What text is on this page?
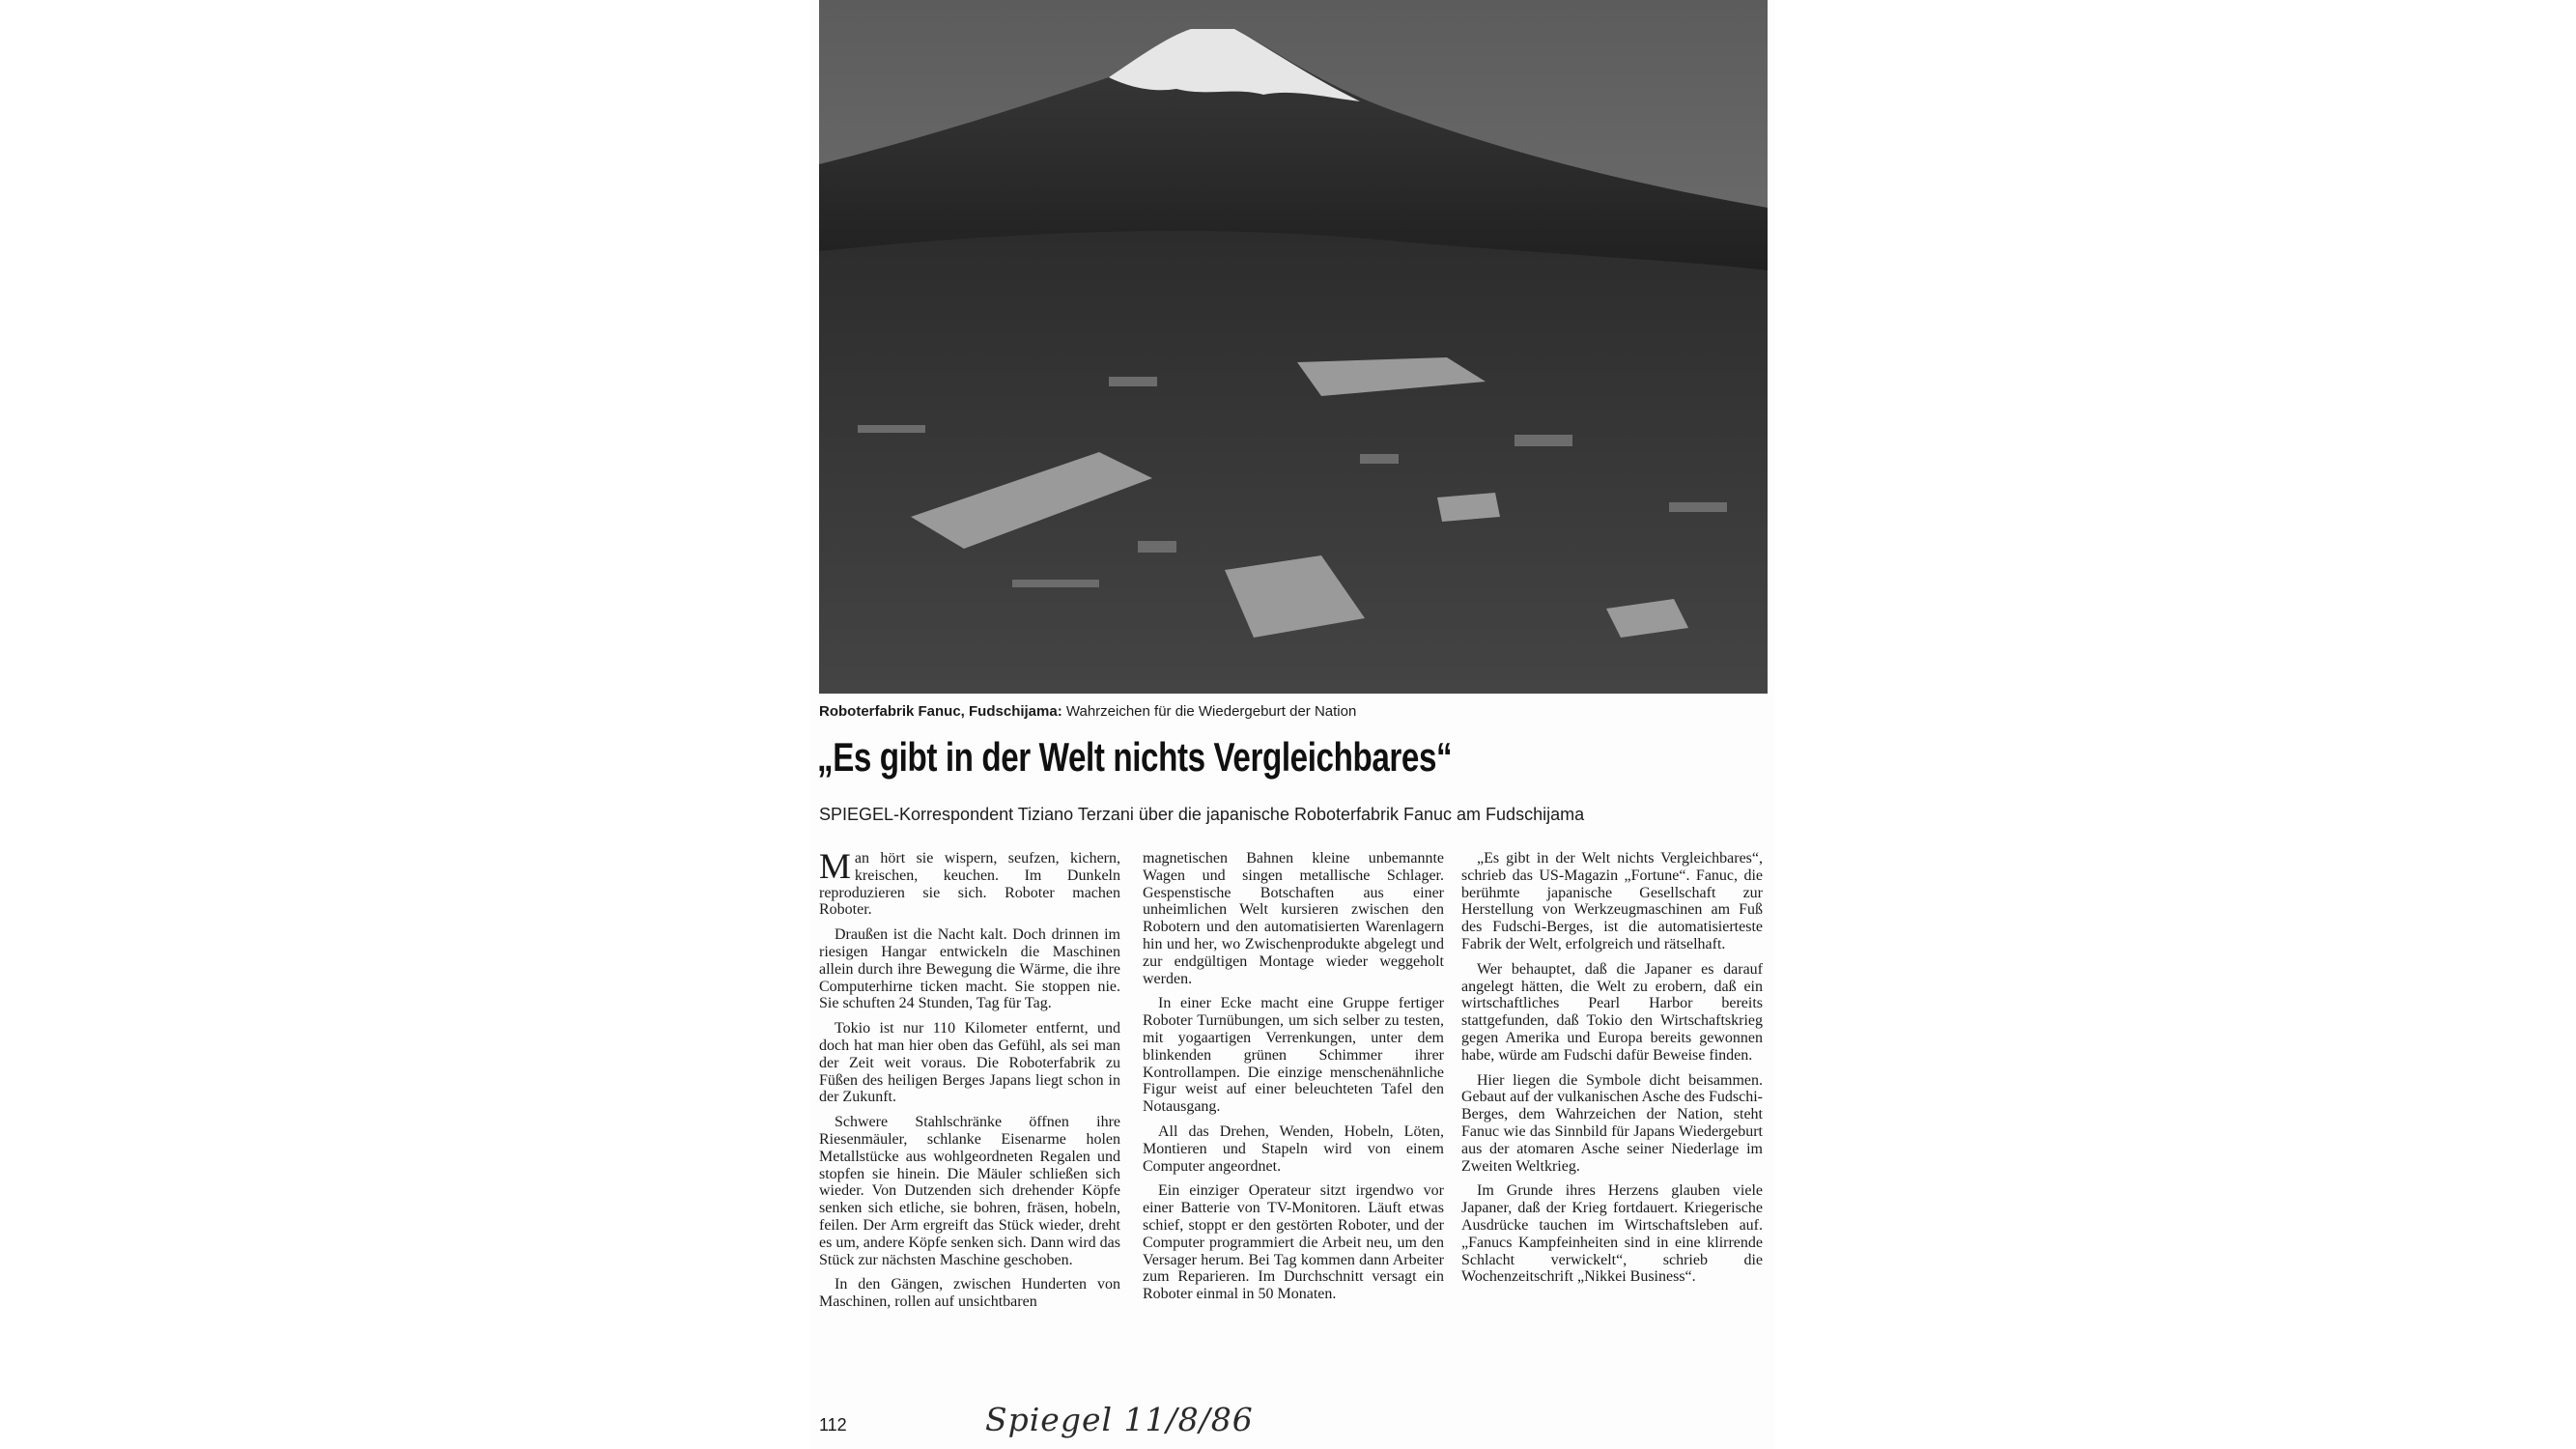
Roboterfabrik Fanuc, Fudschijama: Wahrzeichen für die Wiedergeburt der Nation
„Es gibt in der Welt nichts Vergleichbares“
SPIEGEL-Korrespondent Tiziano Terzani über die japanische Roboterfabrik Fanuc am Fudschijama

Man hört sie wispern, seufzen, kichern, kreischen, keuchen. Im Dunkeln reproduzieren sie sich. Roboter machen Roboter.

Draußen ist die Nacht kalt. Doch drinnen im riesigen Hangar entwickeln die Maschinen allein durch ihre Bewegung die Wärme, die ihre Computerhirne ticken macht. Sie stoppen nie. Sie schuften 24 Stunden, Tag für Tag.

Tokio ist nur 110 Kilometer entfernt, und doch hat man hier oben das Gefühl, als sei man der Zeit weit voraus. Die Roboterfabrik zu Füßen des heiligen Berges Japans liegt schon in der Zukunft.

Schwere Stahlschränke öffnen ihre Riesenmäuler, schlanke Eisenarme holen Metallstücke aus wohlgeordneten Regalen und stopfen sie hinein. Die Mäuler schließen sich wieder. Von Dutzenden sich drehender Köpfe senken sich etliche, sie bohren, fräsen, hobeln, feilen. Der Arm ergreift das Stück wieder, dreht es um, andere Köpfe senken sich. Dann wird das Stück zur nächsten Maschine geschoben.

In den Gängen, zwischen Hunderten von Maschinen, rollen auf unsichtbaren

magnetischen Bahnen kleine unbemannte Wagen und singen metallische Schlager. Gespenstische Botschaften aus einer unheimlichen Welt kursieren zwischen den Robotern und den automatisierten Warenlagern hin und her, wo Zwischenprodukte abgelegt und zur endgültigen Montage wieder weggeholt werden.

In einer Ecke macht eine Gruppe fertiger Roboter Turnübungen, um sich selber zu testen, mit yogaartigen Verrenkungen, unter dem blinkenden grünen Schimmer ihrer Kontrollampen. Die einzige menschenähnliche Figur weist auf einer beleuchteten Tafel den Notausgang.

All das Drehen, Wenden, Hobeln, Löten, Montieren und Stapeln wird von einem Computer angeordnet.

Ein einziger Operateur sitzt irgendwo vor einer Batterie von TV-Monitoren. Läuft etwas schief, stoppt er den gestörten Roboter, und der Computer programmiert die Arbeit neu, um den Versager herum. Bei Tag kommen dann Arbeiter zum Reparieren. Im Durchschnitt versagt ein Roboter einmal in 50 Monaten.

„Es gibt in der Welt nichts Vergleichbares“, schrieb das US-Magazin „Fortune“. Fanuc, die berühmte japanische Gesellschaft zur Herstellung von Werkzeugmaschinen am Fuß des Fudschi-Berges, ist die automatisierteste Fabrik der Welt, erfolgreich und rätselhaft.

Wer behauptet, daß die Japaner es darauf angelegt hätten, die Welt zu erobern, daß ein wirtschaftliches Pearl Harbor bereits stattgefunden, daß Tokio den Wirtschaftskrieg gegen Amerika und Europa bereits gewonnen habe, würde am Fudschi dafür Beweise finden.

Hier liegen die Symbole dicht beisammen. Gebaut auf der vulkanischen Asche des Fudschi-Berges, dem Wahrzeichen der Nation, steht Fanuc wie das Sinnbild für Japans Wiedergeburt aus der atomaren Asche seiner Niederlage im Zweiten Weltkrieg.

Im Grunde ihres Herzens glauben viele Japaner, daß der Krieg fortdauert. Kriegerische Ausdrücke tauchen im Wirtschaftsleben auf. „Fanucs Kampfeinheiten sind in eine klirrende Schlacht verwickelt“, schrieb die Wochenzeitschrift „Nikkei Business“.

112	Spiegel 11/8/86
